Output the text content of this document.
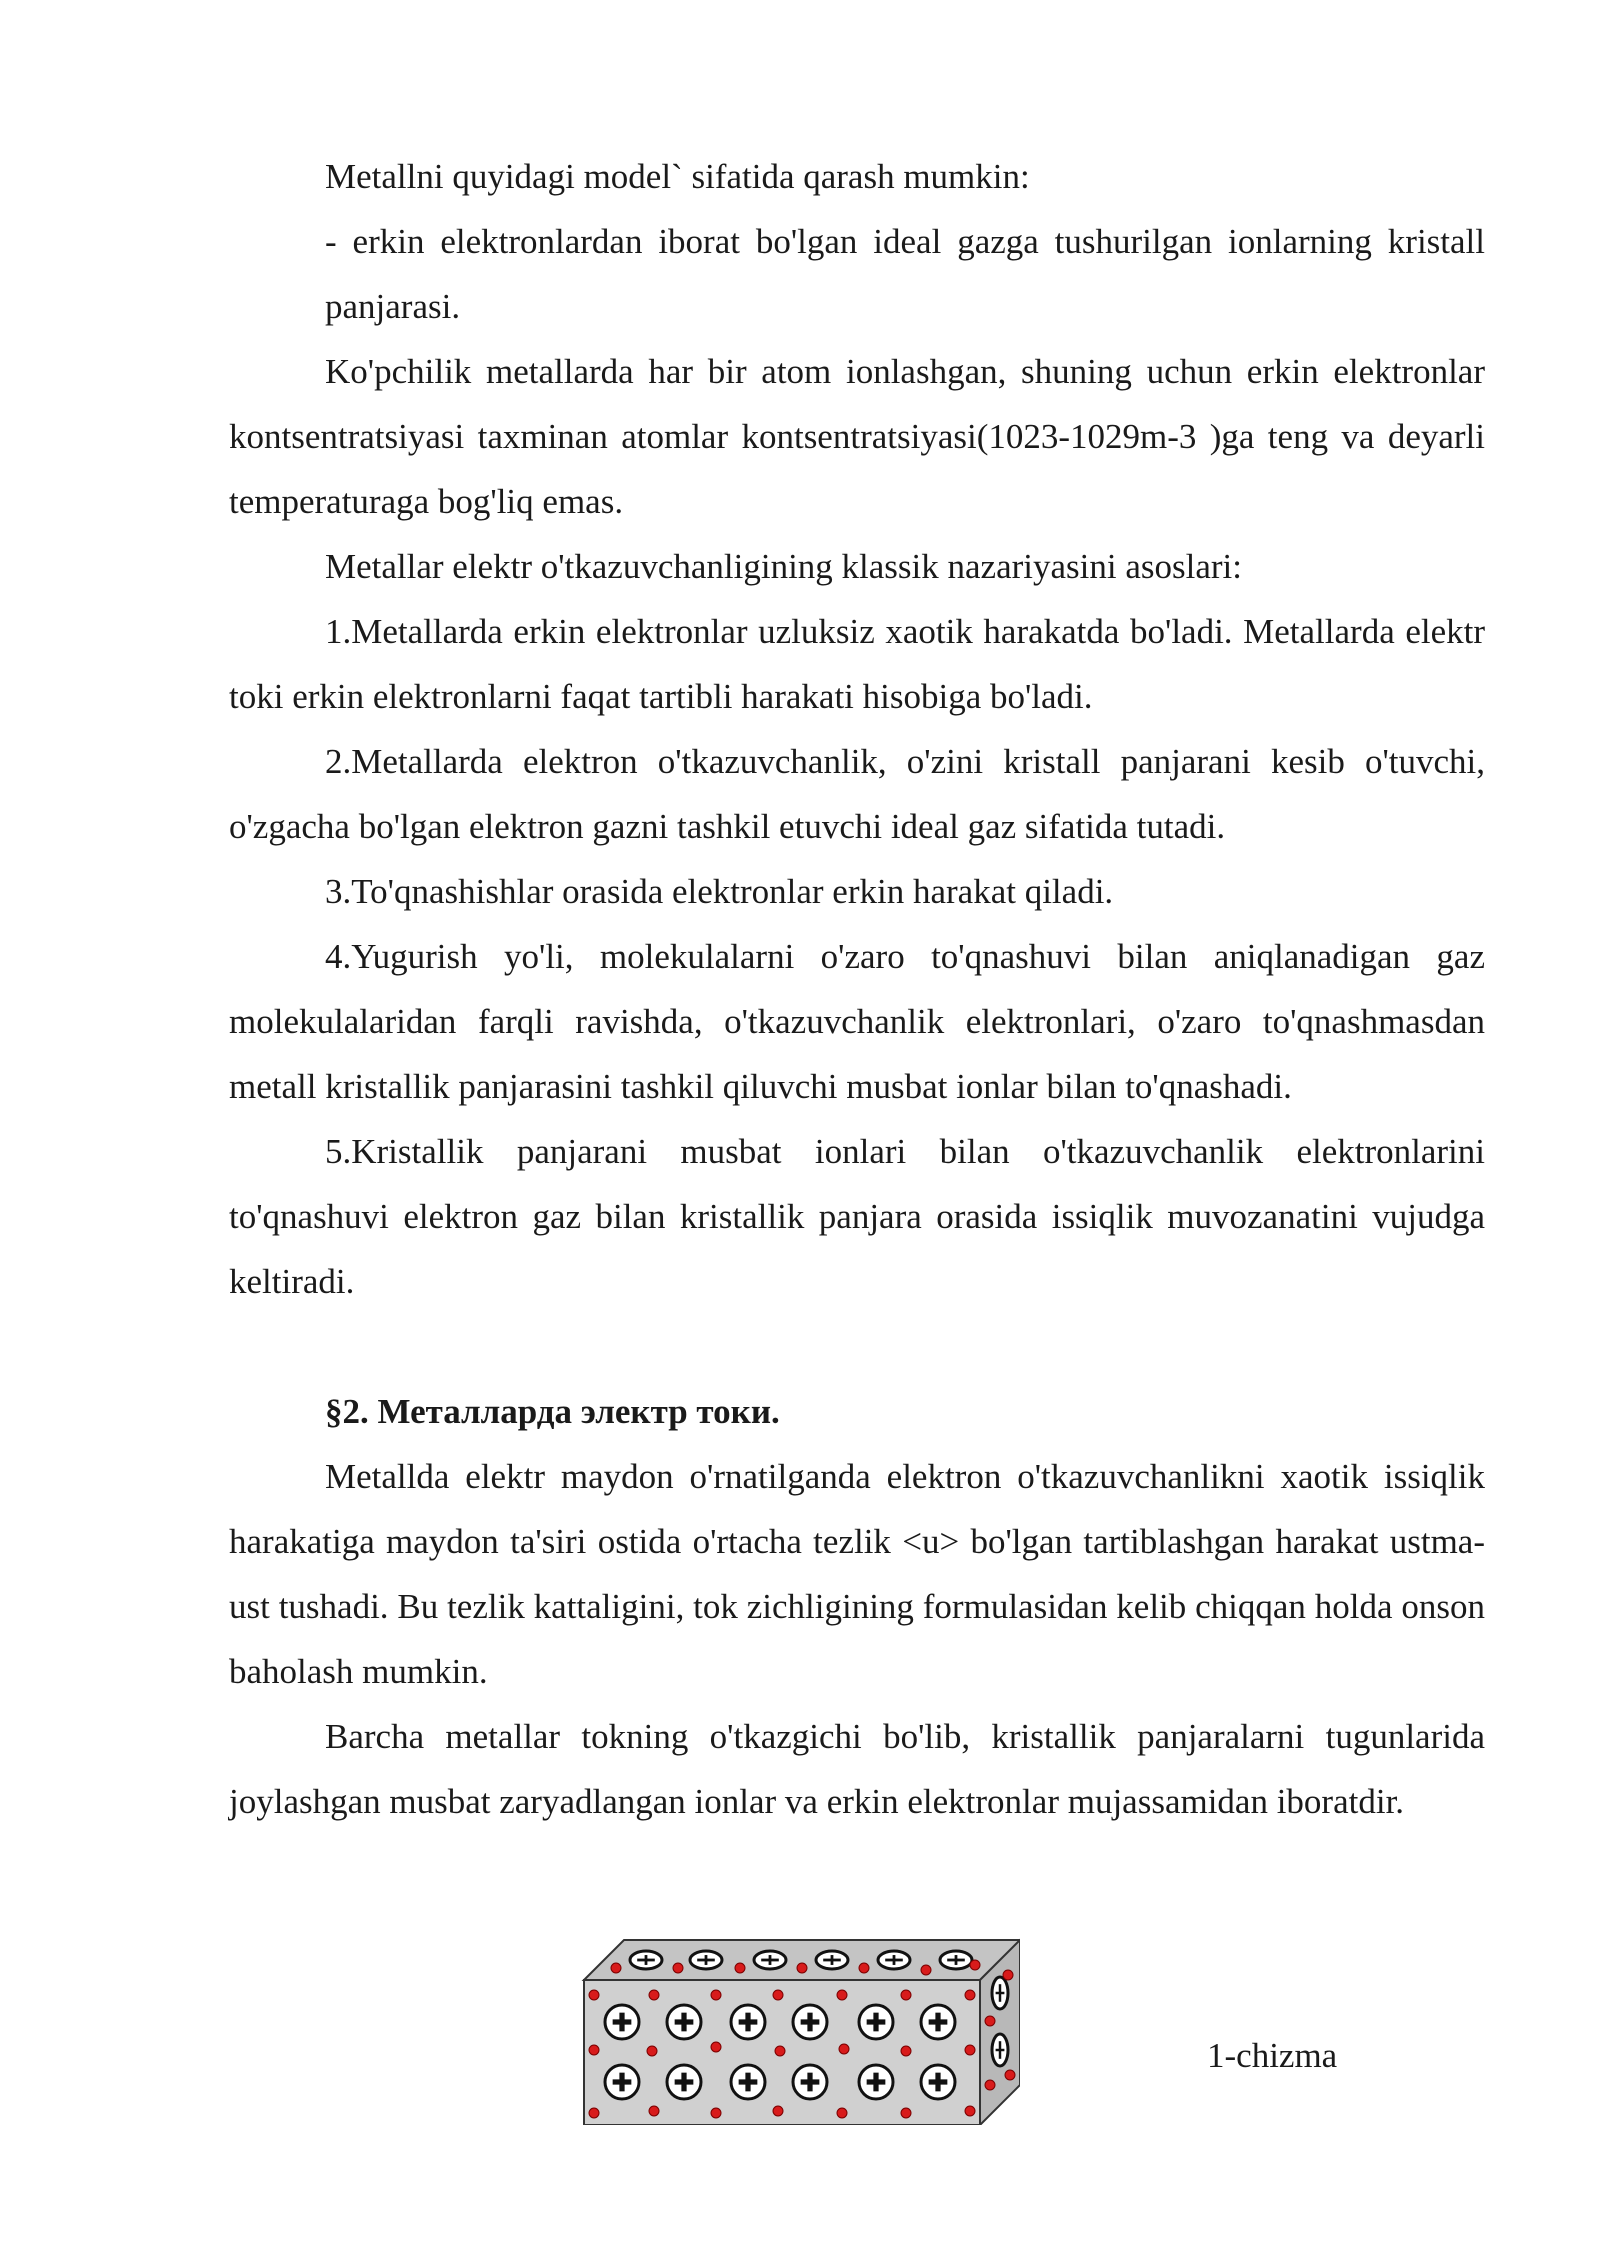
Metallni quyidagi model` sifatida qarash mumkin:

- erkin elektronlardan iborat bo'lgan ideal gazga tushurilgan ionlarning kristall panjarasi.

Ko'pchilik metallarda har bir atom ionlashgan, shuning uchun erkin elektronlar kontsentratsiyasi taxminan atomlar kontsentratsiyasi(1023-1029m-3 )ga teng va deyarli temperaturaga bog'liq emas.

Metallar elektr o'tkazuvchanligining klassik nazariyasini asoslari:

1.Metallarda erkin elektronlar uzluksiz xaotik harakatda bo'ladi. Metallarda elektr toki erkin elektronlarni faqat tartibli harakati hisobiga bo'ladi.

2.Metallarda elektron o'tkazuvchanlik, o'zini kristall panjarani kesib o'tuvchi, o'zgacha bo'lgan elektron gazni tashkil etuvchi ideal gaz sifatida tutadi.

3.To'qnashishlar orasida elektronlar erkin harakat qiladi.

4.Yugurish yo'li, molekulalarni o'zaro to'qnashuvi bilan aniqlanadigan gaz molekulalaridan farqli ravishda, o'tkazuvchanlik elektronlari, o'zaro to'qnashmasdan metall kristallik panjarasini tashkil qiluvchi musbat ionlar bilan to'qnashadi.

5.Kristallik panjarani musbat ionlari bilan o'tkazuvchanlik elektronlarini to'qnashuvi elektron gaz bilan kristallik panjara orasida issiqlik muvozanatini vujudga keltiradi.

§2. Металларда электр токи.

Metallda elektr maydon o'rnatilganda elektron o'tkazuvchanlikni xaotik issiqlik harakatiga maydon ta'siri ostida o'rtacha tezlik <u> bo'lgan tartiblashgan harakat ustma-ust tushadi. Bu tezlik kattaligini, tok zichligining formulasidan kelib chiqqan holda onson baholash mumkin.

Barcha metallar tokning o'tkazgichi bo'lib, kristallik panjaralarni tugunlarida joylashgan musbat zaryadlangan ionlar va erkin elektronlar mujassamidan iboratdir.

1-chizma
